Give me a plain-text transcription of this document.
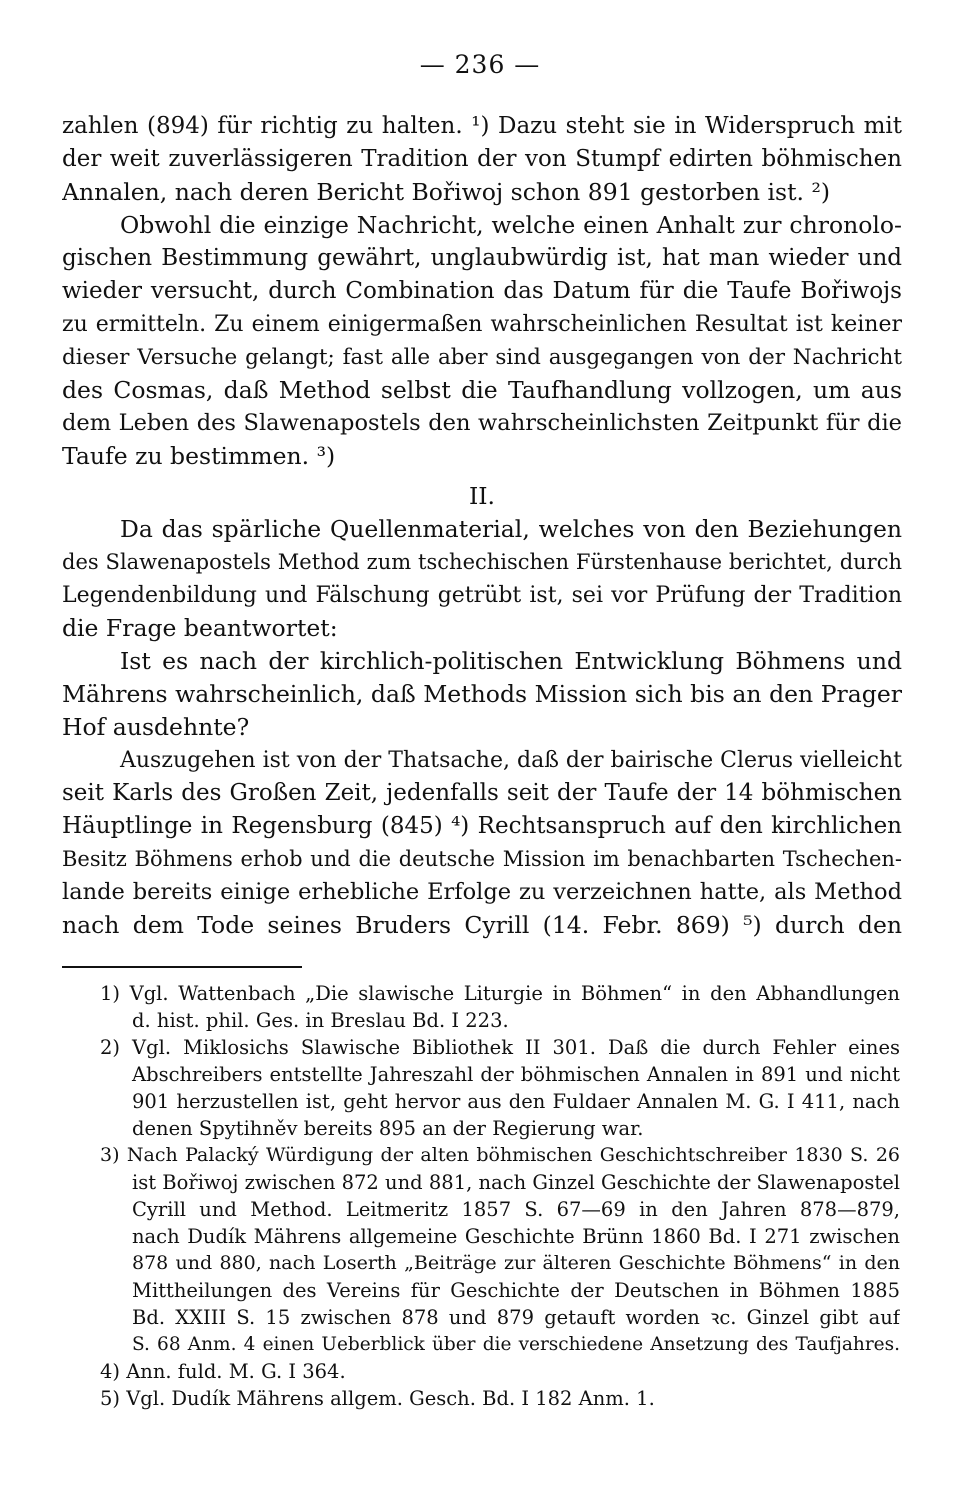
— 236 —
zahlen (894) für richtig zu halten. ¹) Dazu steht sie in Widerspruch mit
der weit zuverlässigeren Tradition der von Stumpf edirten böhmischen
Annalen, nach deren Bericht Bořiwoj schon 891 gestorben ist. ²)
Obwohl die einzige Nachricht, welche einen Anhalt zur chronolo-
gischen Bestimmung gewährt, unglaubwürdig ist, hat man wieder und
wieder versucht, durch Combination das Datum für die Taufe Bořiwojs
zu ermitteln. Zu einem einigermaßen wahrscheinlichen Resultat ist keiner
dieser Versuche gelangt; fast alle aber sind ausgegangen von der Nachricht
des Cosmas, daß Method selbst die Taufhandlung vollzogen, um aus
dem Leben des Slawenapostels den wahrscheinlichsten Zeitpunkt für die
Taufe zu bestimmen. ³)
II.
Da das spärliche Quellenmaterial, welches von den Beziehungen
des Slawenapostels Method zum tschechischen Fürstenhause berichtet, durch
Legendenbildung und Fälschung getrübt ist, sei vor Prüfung der Tradition
die Frage beantwortet:
Ist es nach der kirchlich-politischen Entwicklung Böhmens und
Mährens wahrscheinlich, daß Methods Mission sich bis an den Prager
Hof ausdehnte?
Auszugehen ist von der Thatsache, daß der bairische Clerus vielleicht
seit Karls des Großen Zeit, jedenfalls seit der Taufe der 14 böhmischen
Häuptlinge in Regensburg (845) ⁴) Rechtsanspruch auf den kirchlichen
Besitz Böhmens erhob und die deutsche Mission im benachbarten Tschechen-
lande bereits einige erhebliche Erfolge zu verzeichnen hatte, als Method
nach dem Tode seines Bruders Cyrill (14. Febr. 869) ⁵) durch den
1) Vgl. Wattenbach „Die slawische Liturgie in Böhmen“ in den Abhandlungen
d. hist. phil. Ges. in Breslau Bd. I 223.
2) Vgl. Miklosichs Slawische Bibliothek II 301. Daß die durch Fehler eines
Abschreibers entstellte Jahreszahl der böhmischen Annalen in 891 und nicht
901 herzustellen ist, geht hervor aus den Fuldaer Annalen M. G. I 411, nach
denen Spytihněv bereits 895 an der Regierung war.
3) Nach Palacký Würdigung der alten böhmischen Geschichtschreiber 1830 S. 26
ist Bořiwoj zwischen 872 und 881, nach Ginzel Geschichte der Slawenapostel
Cyrill und Method. Leitmeritz 1857 S. 67—69 in den Jahren 878—879,
nach Dudík Mährens allgemeine Geschichte Brünn 1860 Bd. I 271 zwischen
878 und 880, nach Loserth „Beiträge zur älteren Geschichte Böhmens“ in den
Mittheilungen des Vereins für Geschichte der Deutschen in Böhmen 1885
Bd. XXIII S. 15 zwischen 878 und 879 getauft worden ꝛc. Ginzel gibt auf
S. 68 Anm. 4 einen Ueberblick über die verschiedene Ansetzung des Taufjahres.
4) Ann. fuld. M. G. I 364.
5) Vgl. Dudík Mährens allgem. Gesch. Bd. I 182 Anm. 1.
